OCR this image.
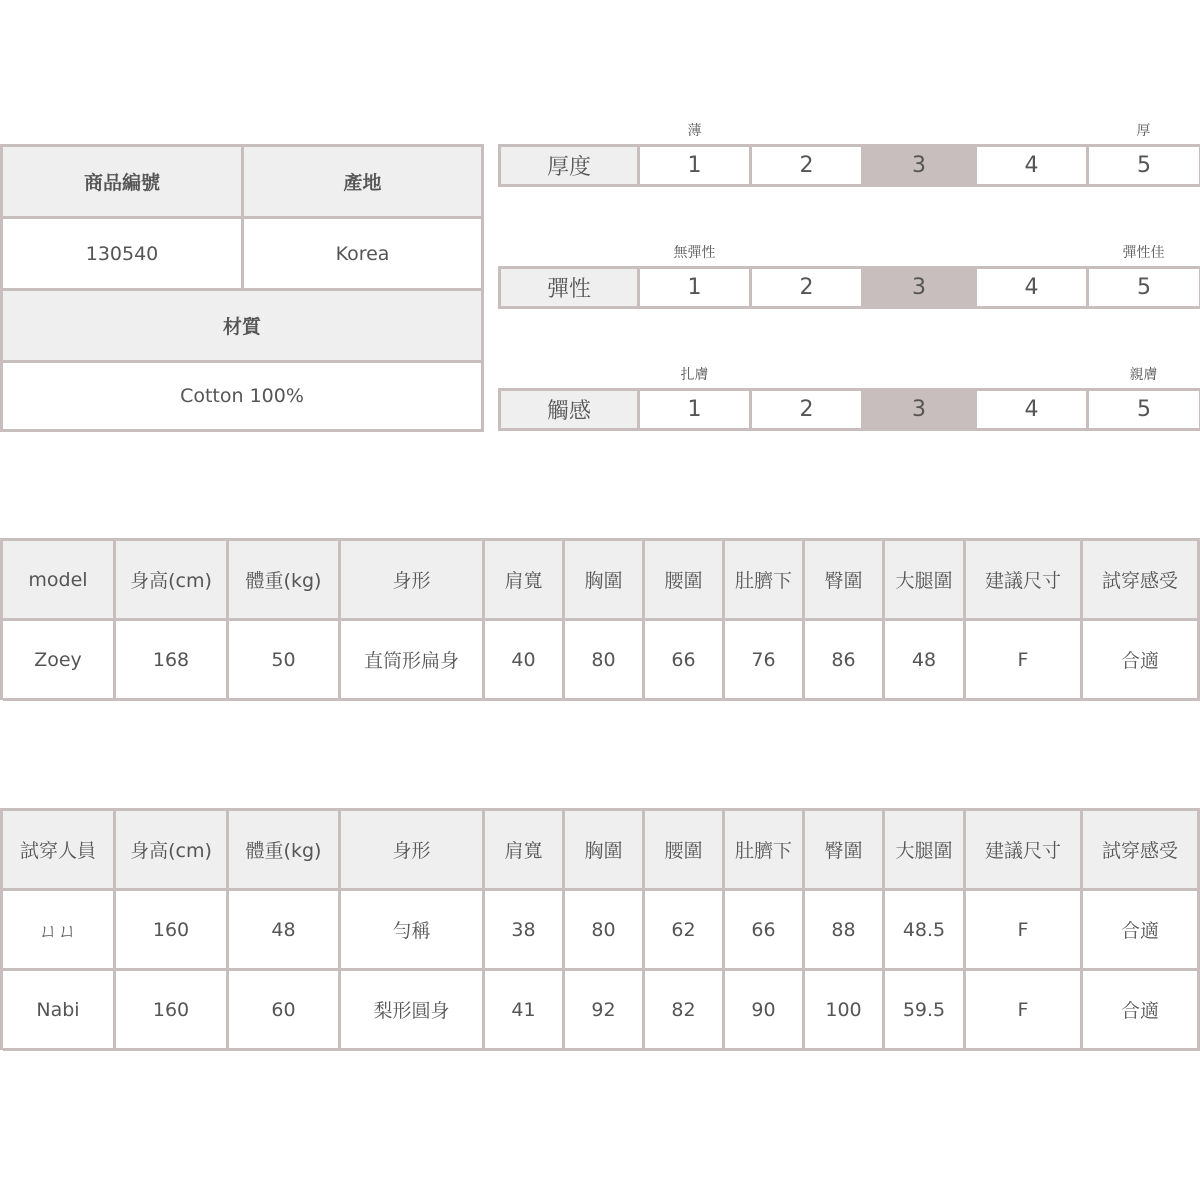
商品編號	產地
130540	Korea
材質
Cotton 100%
薄	厚
厚度	1	2	3	4	5
無彈性	彈性佳
彈性	1	2	3	4	5
扎膚	親膚
觸感	1	2	3	4	5
model	身高(cm)	體重(kg)	身形	肩寬	胸圍	腰圍	肚臍下	臀圍	大腿圍	建議尺寸	試穿感受
Zoey	168	50	直筒形扁身	40	80	66	76	86	48	F	合適
試穿人員	身高(cm)	體重(kg)	身形	肩寬	胸圍	腰圍	肚臍下	臀圍	大腿圍	建議尺寸	試穿感受
ㄩㄩ	160	48	勻稱	38	80	62	66	88	48.5	F	合適
Nabi	160	60	梨形圓身	41	92	82	90	100	59.5	F	合適
